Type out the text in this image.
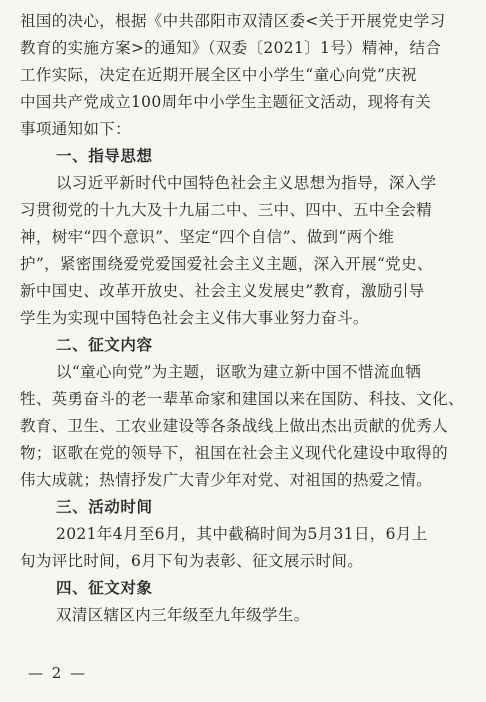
祖国的决心，根据《中共邵阳市双清区委<关于开展党史学习
教育的实施方案>的通知》（双委〔2021〕1号）精神，结合
工作实际，决定在近期开展全区中小学生“童心向党”庆祝
中国共产党成立100周年中小学生主题征文活动，现将有关
事项通知如下：
一、指导思想
以习近平新时代中国特色社会主义思想为指导，深入学
习贯彻党的十九大及十九届二中、三中、四中、五中全会精
神，树牢“四个意识”、坚定“四个自信”、做到“两个维
护”，紧密围绕爱党爱国爱社会主义主题，深入开展“党史、
新中国史、改革开放史、社会主义发展史”教育，激励引导
学生为实现中国特色社会主义伟大事业努力奋斗。
二、征文内容
以“童心向党”为主题，讴歌为建立新中国不惜流血牺
牲、英勇奋斗的老一辈革命家和建国以来在国防、科技、文化、
教育、卫生、工农业建设等各条战线上做出杰出贡献的优秀人
物；讴歌在党的领导下，祖国在社会主义现代化建设中取得的
伟大成就；热情抒发广大青少年对党、对祖国的热爱之情。
三、活动时间
2021年4月至6月，其中截稿时间为5月31日，6月上
旬为评比时间，6月下旬为表彰、征文展示时间。
四、征文对象
双清区辖区内三年级至九年级学生。
— 2 —
